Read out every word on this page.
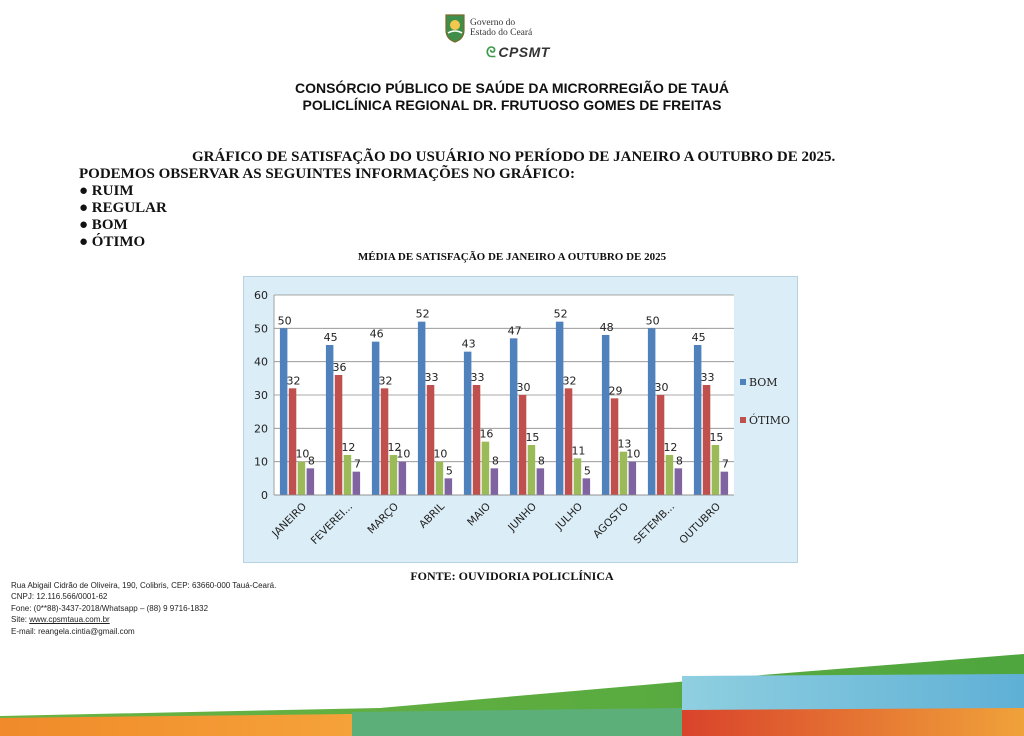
Governo do
Estado do Ceará
ᘓ CPSMT
CONSÓRCIO PÚBLICO DE SAÚDE DA MICRORREGIÃO DE TAUÁ
POLICLÍNICA REGIONAL DR. FRUTUOSO GOMES DE FREITAS
GRÁFICO DE SATISFAÇÃO DO USUÁRIO NO PERÍODO DE JANEIRO A OUTUBRO DE 2025.
PODEMOS OBSERVAR AS SEGUINTES INFORMAÇÕES NO GRÁFICO:
● RUIM
● REGULAR
● BOM
● ÓTIMO
MÉDIA DE SATISFAÇÃO DE JANEIRO A OUTUBRO DE 2025
0
10
20
30
40
50
60
50
32
10
8
JANEIRO
45
36
12
7
FEVEREI...
46
32
12
10
MARÇO
52
33
10
5
ABRIL
43
33
16
8
MAIO
47
30
15
8
JUNHO
52
32
11
5
JULHO
48
29
13
10
AGOSTO
50
30
12
8
SETEMB...
45
33
15
7
OUTUBRO
BOM
ÓTIMO
FONTE: OUVIDORIA POLICLÍNICA
Rua Abigail Cidrão de Oliveira, 190, Colibris, CEP: 63660-000 Tauá-Ceará.
CNPJ: 12.116.566/0001-62
Fone: (0**88)-3437-2018/Whatsapp – (88) 9 9716-1832
Site: www.cpsmtaua.com.br
E-mail: reangela.cintia@gmail.com
